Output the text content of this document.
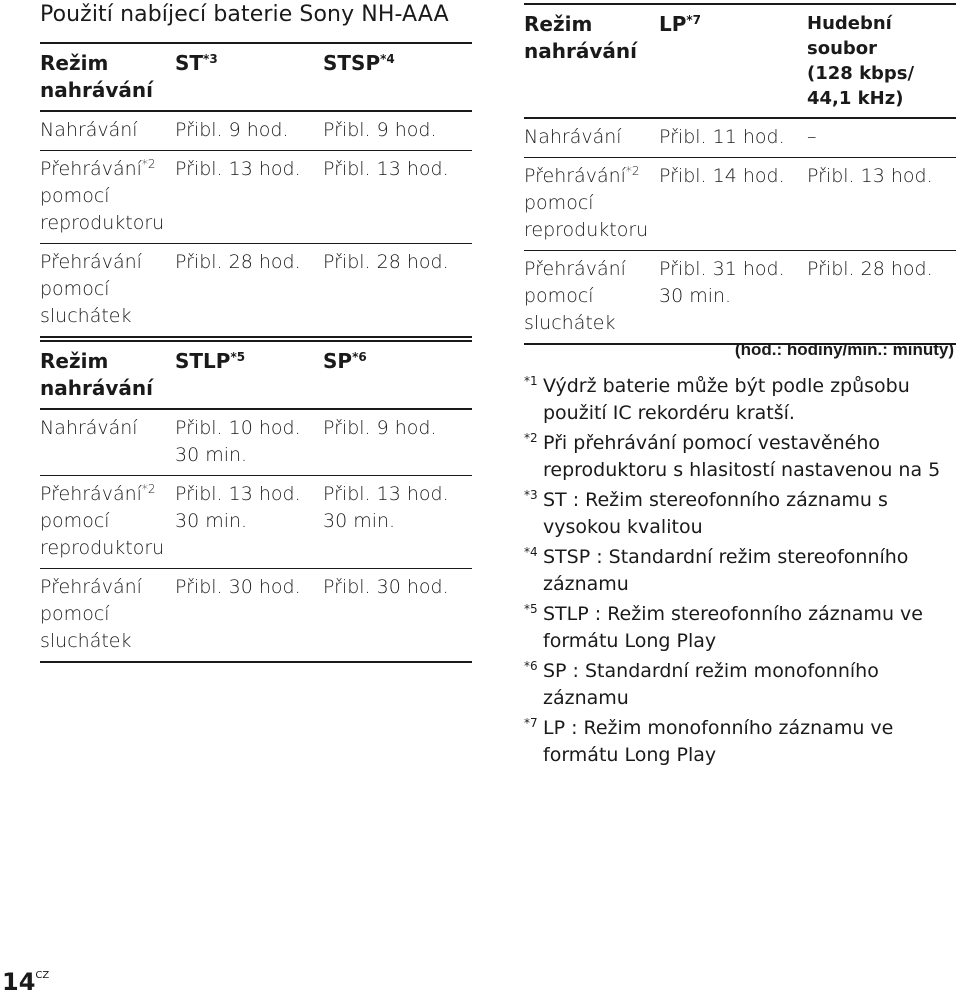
Použití nabíjecí baterie Sony NH-AAA
Režim nahrávání	ST$^{*3}$	STSP$^{*4}$
Nahrávání	Přibl. 9 hod.	Přibl. 9 hod.
Přehrávání$^{*2}$
pomocí reproduktoru	Přibl. 13 hod.	Přibl. 13 hod.

Přehrávání pomocí sluchátek	Přibl. 28 hod.	Přibl. 28 hod.
Režim nahrávání	STLP$^{*5}$	SP$^{*6}$
Nahrávání	Přibl. 10 hod. 30 min.	Přibl. 9 hod.
Přehrávání$^{*2}$
pomocí reproduktoru	Přibl. 13 hod. 30 min.	Přibl. 13 hod. 30 min.

Přehrávání pomocí sluchátek	Přibl. 30 hod.	Přibl. 30 hod.
Režim nahrávání	LP$^{*7}$	Hudební soubor (128 kbps/ 44,1 kHz)

Nahrávání	Přibl. 11 hod.	–
Přehrávání$^{*2}$
pomocí reproduktoru	Přibl. 14 hod.	Přibl. 13 hod.

Přehrávání pomocí sluchátek	Přibl. 31 hod. 30 min.	Přibl. 28 hod.
(hod.: hodiny/min.: minuty)
*1 Výdrž baterie může být podle způsobu použití IC rekordéru kratší.
*2 Při přehrávání pomocí vestavěného reproduktoru s hlasitostí nastavenou na 5
*3 ST : Režim stereofonního záznamu s vysokou kvalitou
*4 STSP : Standardní režim stereofonního záznamu
*5 STLP : Režim stereofonního záznamu ve formátu Long Play
*6 SP : Standardní režim monofonního záznamu
*7 LP : Režim monofonního záznamu ve formátu Long Play
$14^{CZ}$
